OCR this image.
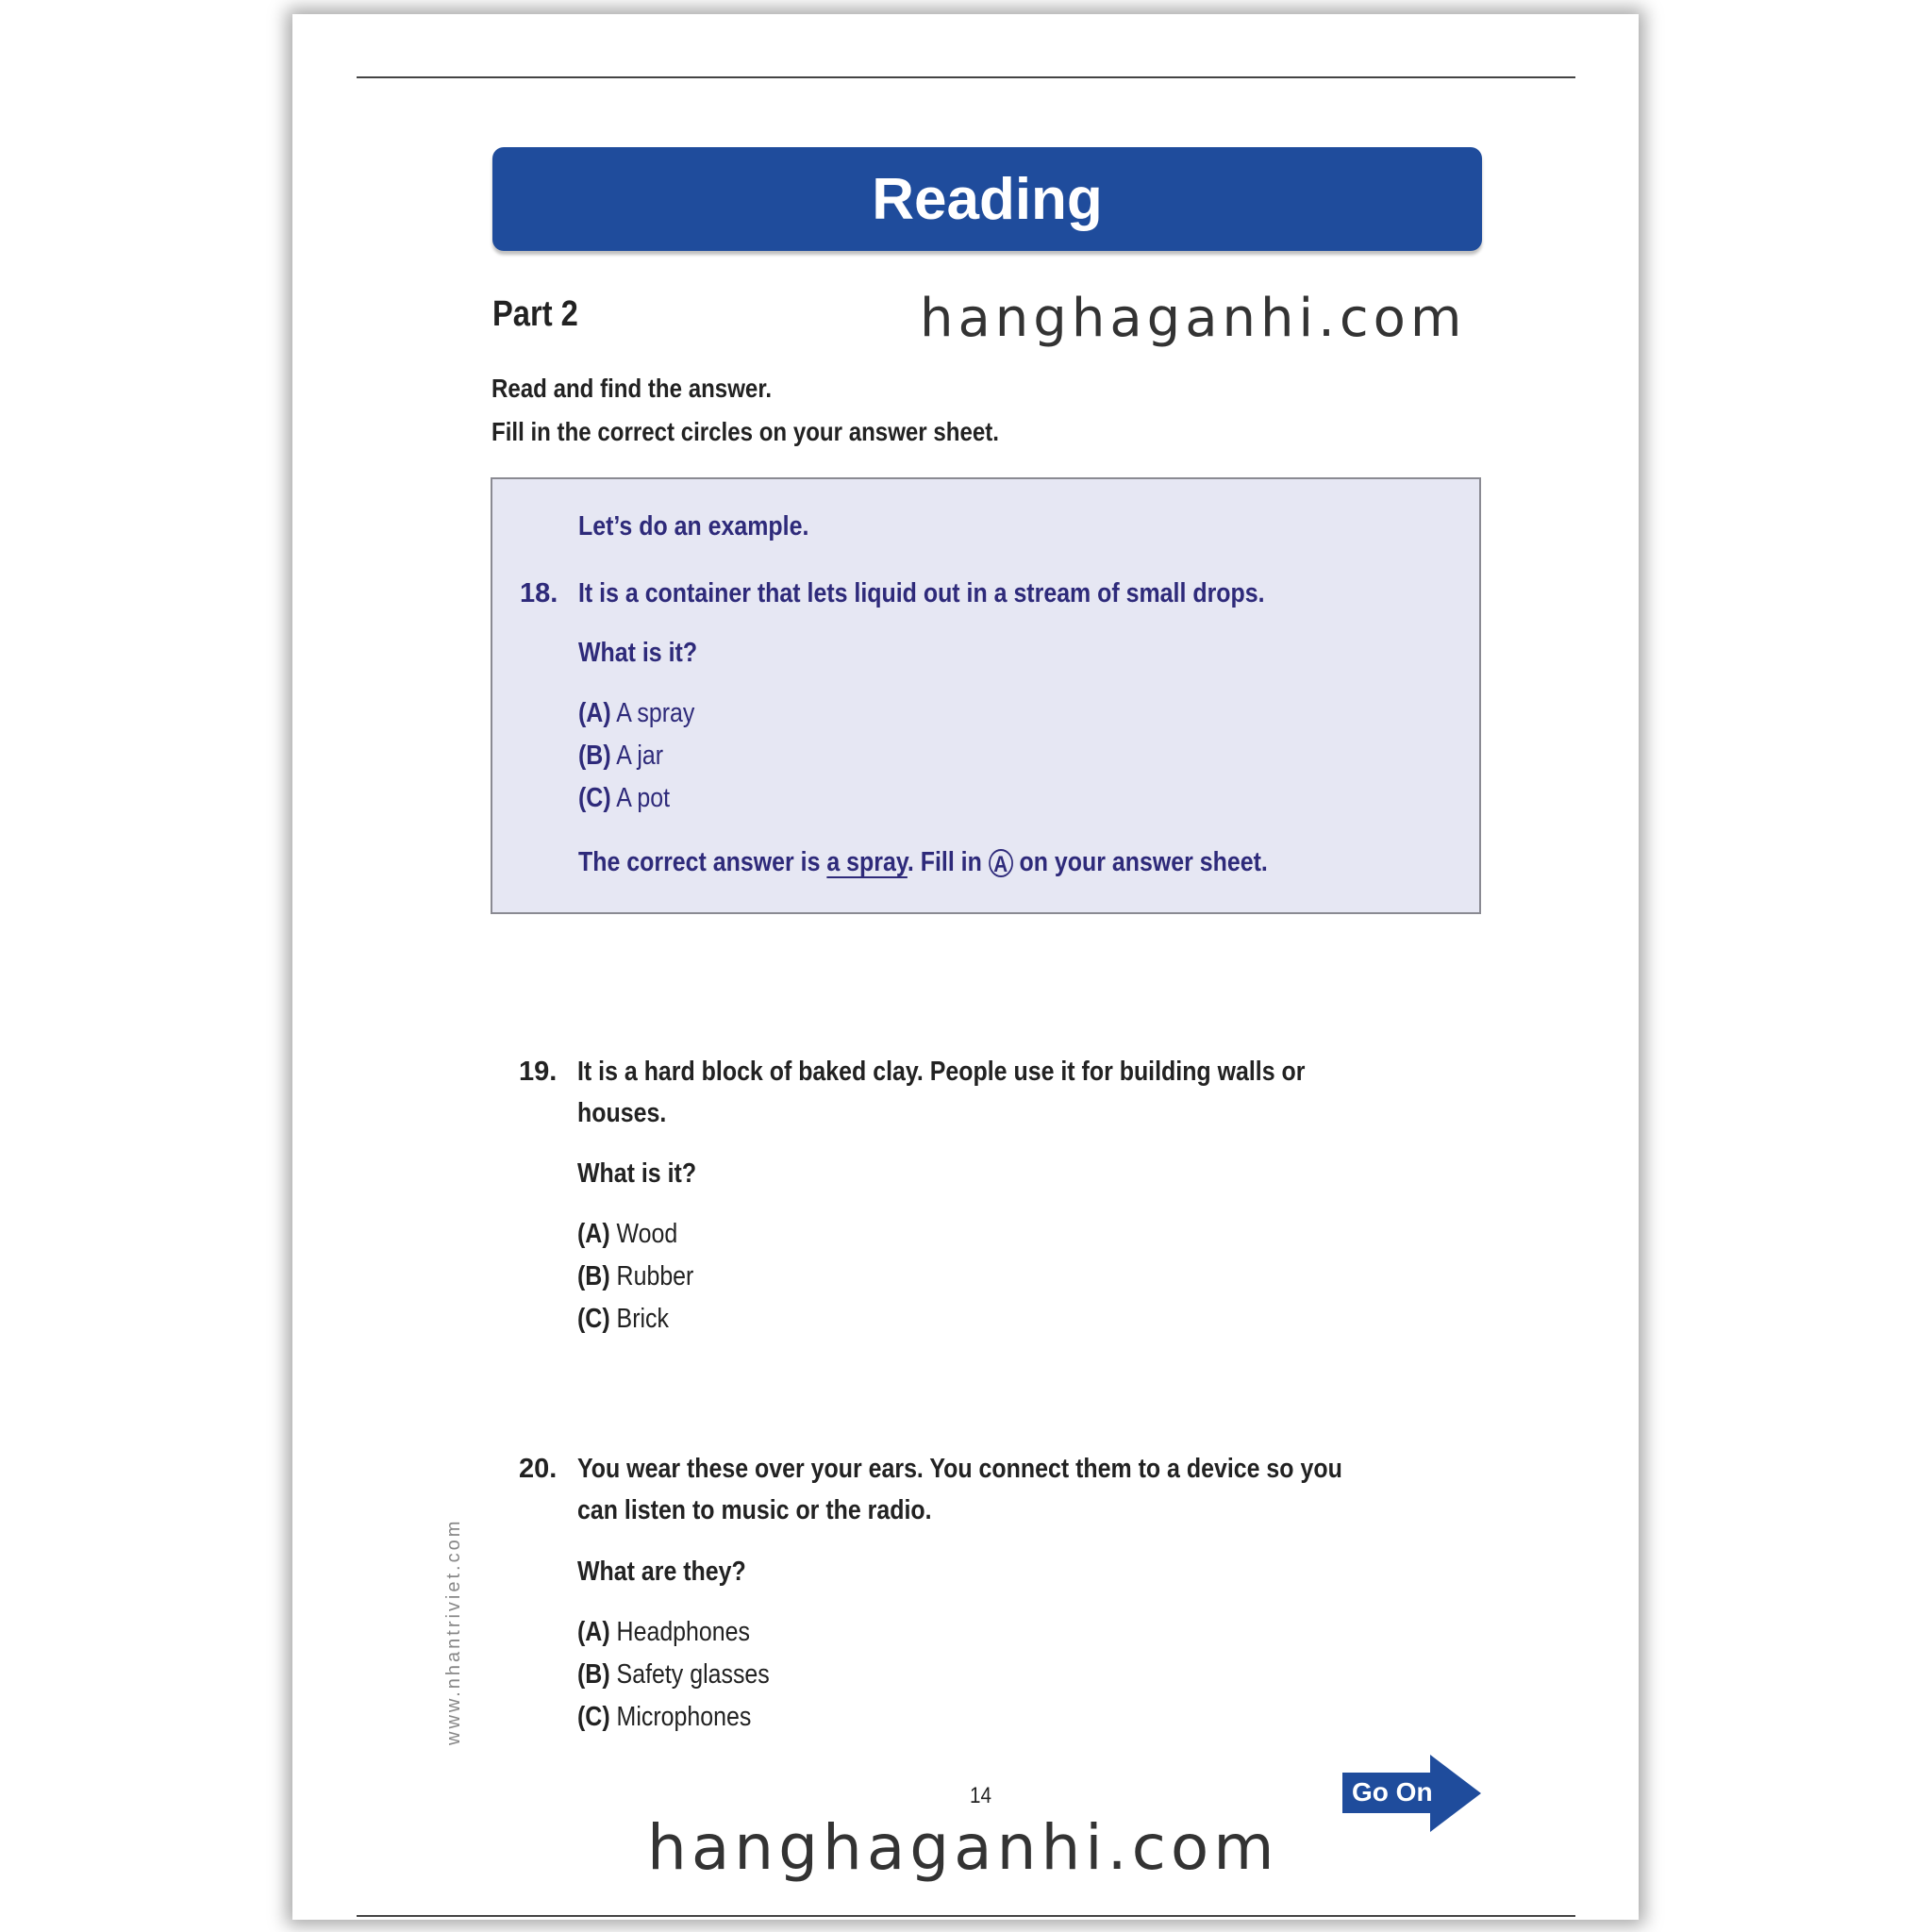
Reading
Part 2	hanghaganhi.com
Read and find the answer.
Fill in the correct circles on your answer sheet.
Let’s do an example.
18. It is a container that lets liquid out in a stream of small drops.
What is it?
(A) A spray
(B) A jar
(C) A pot
The correct answer is a spray. Fill in A on your answer sheet.
19. It is a hard block of baked clay. People use it for building walls or
houses.
What is it?
(A) Wood
(B) Rubber
(C) Brick
20. You wear these over your ears. You connect them to a device so you
can listen to music or the radio.
What are they?
(A) Headphones
(B) Safety glasses
(C) Microphones
www.nhantriviet.com
14
hanghaganhi.com
Go On
